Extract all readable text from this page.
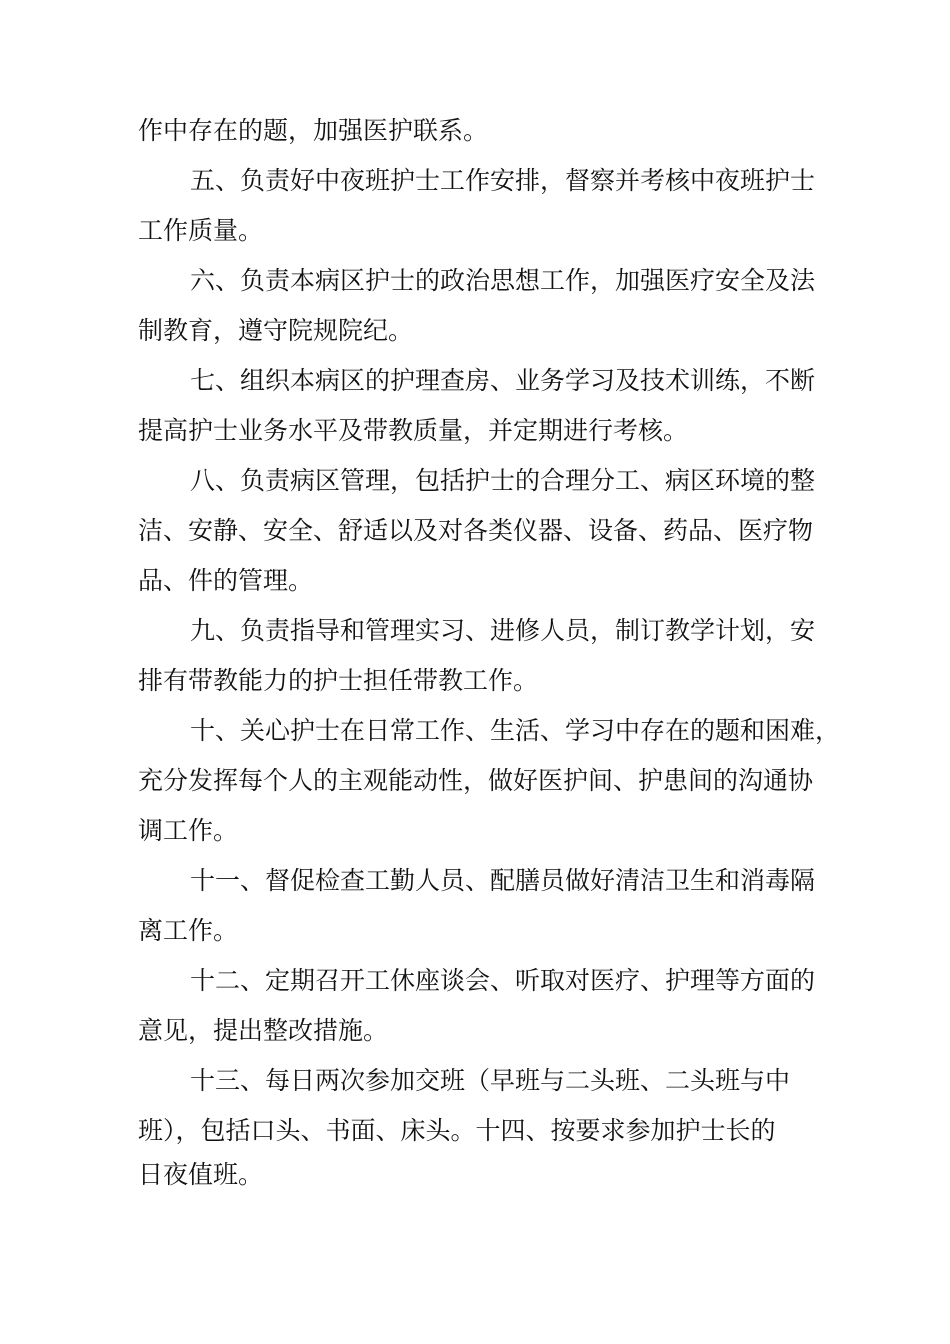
作中存在的题，加强医护联系。
五、负责好中夜班护士工作安排，督察并考核中夜班护士
工作质量。
六、负责本病区护士的政治思想工作，加强医疗安全及法
制教育，遵守院规院纪。
七、组织本病区的护理查房、业务学习及技术训练，不断
提高护士业务水平及带教质量，并定期进行考核。
八、负责病区管理，包括护士的合理分工、病区环境的整
洁、安静、安全、舒适以及对各类仪器、设备、药品、医疗物
品、件的管理。
九、负责指导和管理实习、进修人员，制订教学计划，安
排有带教能力的护士担任带教工作。
十、关心护士在日常工作、生活、学习中存在的题和困难，
充分发挥每个人的主观能动性，做好医护间、护患间的沟通协
调工作。
十一、督促检查工勤人员、配膳员做好清洁卫生和消毒隔
离工作。
十二、定期召开工休座谈会、听取对医疗、护理等方面的
意见，提出整改措施。
十三、每日两次参加交班（早班与二头班、二头班与中
班），包括口头、书面、床头。十四、按要求参加护士长的
日夜值班。
